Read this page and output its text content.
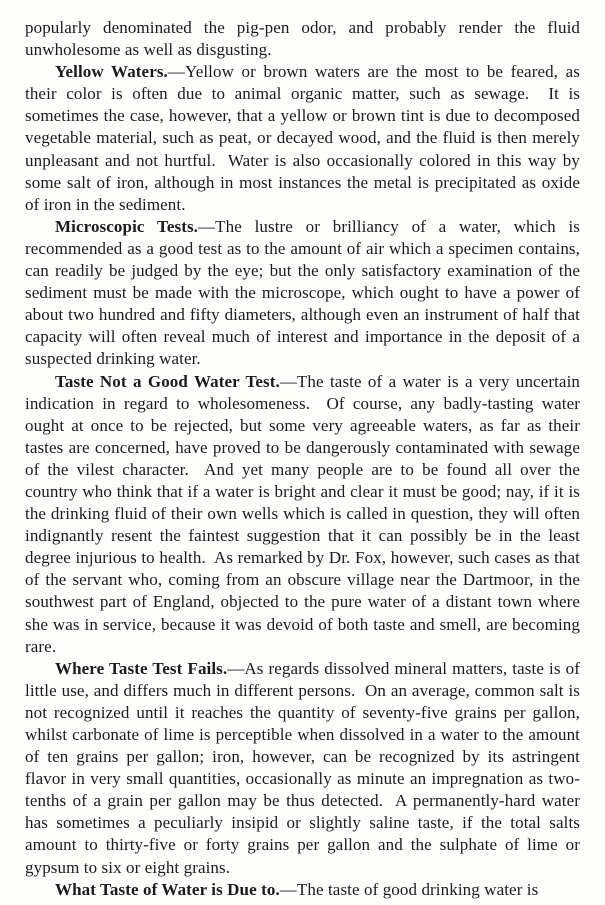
popularly denominated the pig-pen odor, and probably render the fluid unwholesome as well as disgusting.

Yellow Waters.—Yellow or brown waters are the most to be feared, as their color is often due to animal organic matter, such as sewage.  It is sometimes the case, however, that a yellow or brown tint is due to decomposed vegetable material, such as peat, or decayed wood, and the fluid is then merely unpleasant and not hurtful.  Water is also occasionally colored in this way by some salt of iron, although in most instances the metal is precipitated as oxide of iron in the sediment.

Microscopic Tests.—The lustre or brilliancy of a water, which is recommended as a good test as to the amount of air which a specimen contains, can readily be judged by the eye; but the only satisfactory examination of the sediment must be made with the microscope, which ought to have a power of about two hundred and fifty diameters, although even an instrument of half that capacity will often reveal much of interest and importance in the deposit of a suspected drinking water.

Taste Not a Good Water Test.—The taste of a water is a very uncertain indication in regard to wholesomeness.  Of course, any badly-tasting water ought at once to be rejected, but some very agreeable waters, as far as their tastes are concerned, have proved to be dangerously contaminated with sewage of the vilest character.  And yet many people are to be found all over the country who think that if a water is bright and clear it must be good; nay, if it is the drinking fluid of their own wells which is called in question, they will often indignantly resent the faintest suggestion that it can possibly be in the least degree injurious to health.  As remarked by Dr. Fox, however, such cases as that of the servant who, coming from an obscure village near the Dartmoor, in the southwest part of England, objected to the pure water of a distant town where she was in service, because it was devoid of both taste and smell, are becoming rare.

Where Taste Test Fails.—As regards dissolved mineral matters, taste is of little use, and differs much in different persons.  On an average, common salt is not recognized until it reaches the quantity of seventy-five grains per gallon, whilst carbonate of lime is perceptible when dissolved in a water to the amount of ten grains per gallon; iron, however, can be recognized by its astringent flavor in very small quantities, occasionally as minute an impregnation as two-tenths of a grain per gallon may be thus detected.  A permanently-hard water has sometimes a peculiarly insipid or slightly saline taste, if the total salts amount to thirty-five or forty grains per gallon and the sulphate of lime or gypsum to six or eight grains.

What Taste of Water is Due to.—The taste of good drinking water is
